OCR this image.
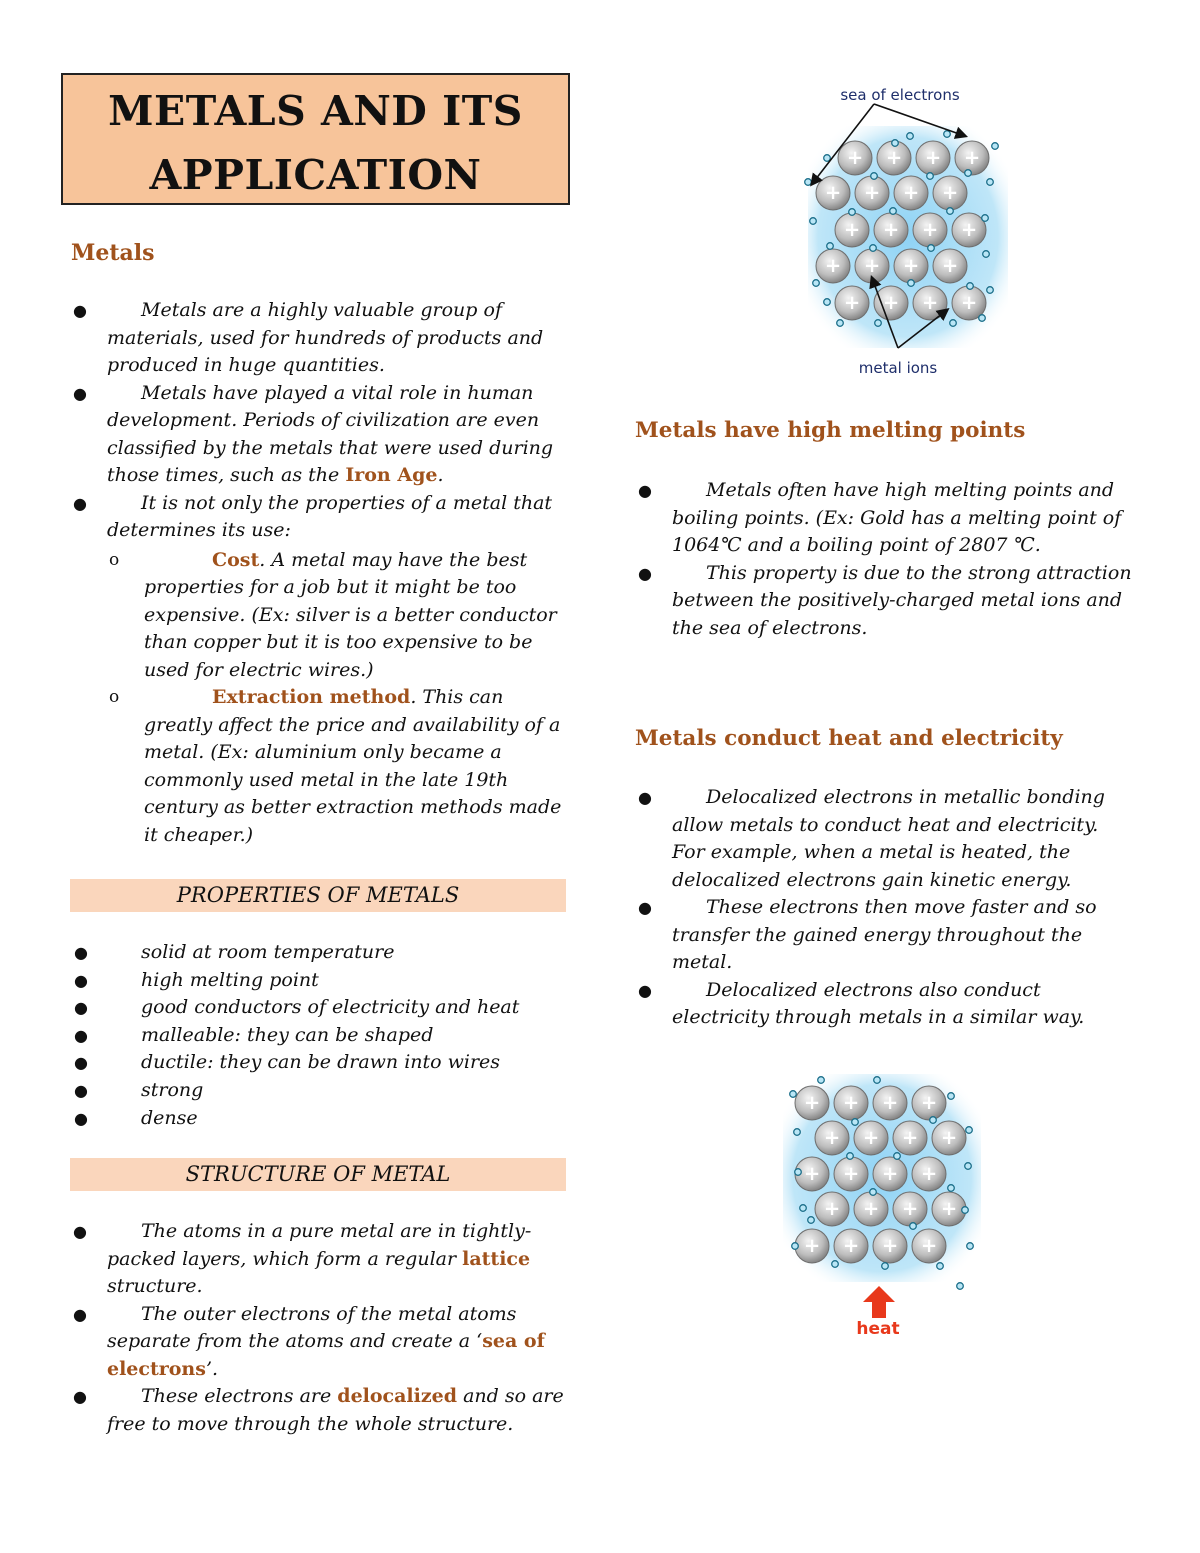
METALS AND ITS
APPLICATION
Metals
●	Metals are a highly valuable group of materials, used for hundreds of products and produced in huge quantities.
●	Metals have played a vital role in human development. Periods of civilization are even classified by the metals that were used during those times, such as the Iron Age.
●	It is not only the properties of a metal that determines its use:
o	Cost. A metal may have the best properties for a job but it might be too expensive. (Ex: silver is a better conductor than copper but it is too expensive to be used for electric wires.)
o	Extraction method. This can greatly affect the price and availability of a metal. (Ex: aluminium only became a commonly used metal in the late 19th century as better extraction methods made it cheaper.)
PROPERTIES OF METALS
●	solid at room temperature
●	high melting point
●	good conductors of electricity and heat
●	malleable: they can be shaped
●	ductile: they can be drawn into wires
●	strong
●	dense
STRUCTURE OF METAL
●	The atoms in a pure metal are in tightly-packed layers, which form a regular lattice structure.
●	The outer electrons of the metal atoms separate from the atoms and create a ‘sea of electrons’.
●	These electrons are delocalized and so are free to move through the whole structure.
+ + + +
+ + + +
+ + + +
+ + + +
+ + + +
sea of electrons
metal ions
Metals have high melting points
●	Metals often have high melting points and boiling points. (Ex: Gold has a melting point of 1064℃ and a boiling point of 2807 ℃.
●	This property is due to the strong attraction between the positively-charged metal ions and the sea of electrons.
Metals conduct heat and electricity
●	Delocalized electrons in metallic bonding allow metals to conduct heat and electricity. For example, when a metal is heated, the delocalized electrons gain kinetic energy.
●	These electrons then move faster and so transfer the gained energy throughout the metal.
●	Delocalized electrons also conduct electricity through metals in a similar way.
+ + + +
+ + + +
+ + + +
+ + + +
+ + + +
heat
